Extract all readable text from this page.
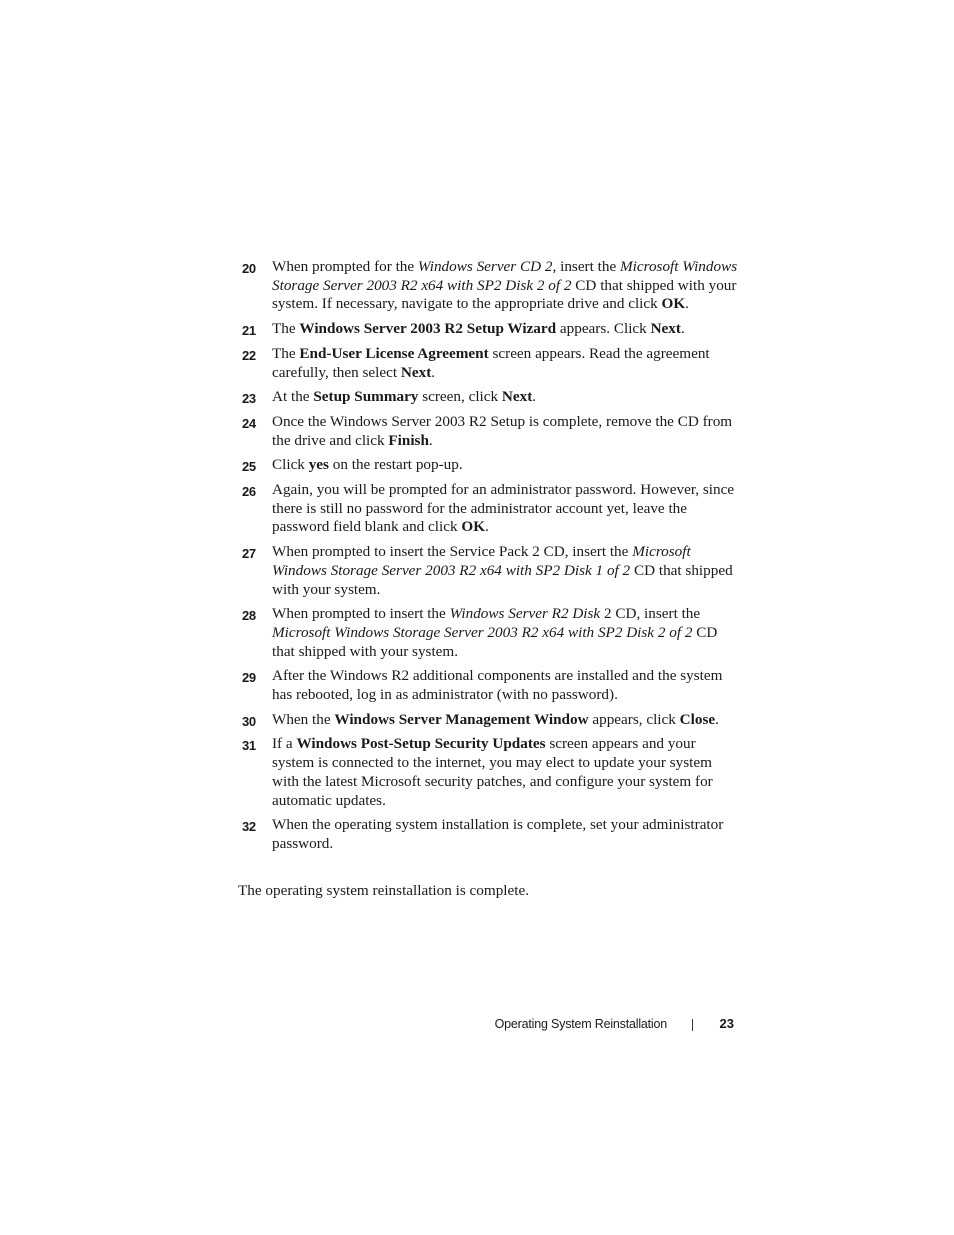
20 When prompted for the Windows Server CD 2, insert the Microsoft Windows Storage Server 2003 R2 x64 with SP2 Disk 2 of 2 CD that shipped with your system. If necessary, navigate to the appropriate drive and click OK.
21 The Windows Server 2003 R2 Setup Wizard appears. Click Next.
22 The End-User License Agreement screen appears. Read the agreement carefully, then select Next.
23 At the Setup Summary screen, click Next.
24 Once the Windows Server 2003 R2 Setup is complete, remove the CD from the drive and click Finish.
25 Click yes on the restart pop-up.
26 Again, you will be prompted for an administrator password. However, since there is still no password for the administrator account yet, leave the password field blank and click OK.
27 When prompted to insert the Service Pack 2 CD, insert the Microsoft Windows Storage Server 2003 R2 x64 with SP2 Disk 1 of 2 CD that shipped with your system.
28 When prompted to insert the Windows Server R2 Disk 2 CD, insert the Microsoft Windows Storage Server 2003 R2 x64 with SP2 Disk 2 of 2 CD that shipped with your system.
29 After the Windows R2 additional components are installed and the system has rebooted, log in as administrator (with no password).
30 When the Windows Server Management Window appears, click Close.
31 If a Windows Post-Setup Security Updates screen appears and your system is connected to the internet, you may elect to update your system with the latest Microsoft security patches, and configure your system for automatic updates.
32 When the operating system installation is complete, set your administrator password.
The operating system reinstallation is complete.
Operating System Reinstallation	23
